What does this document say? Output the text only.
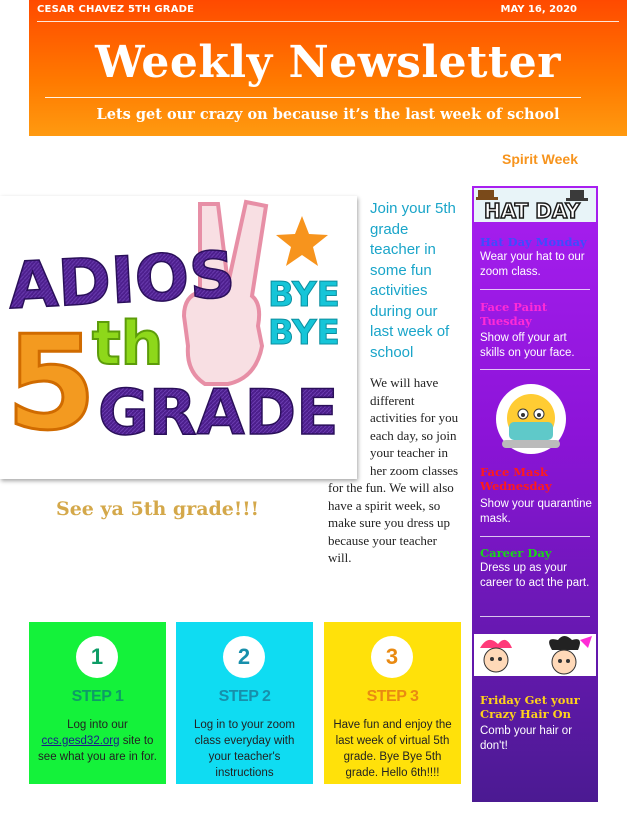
CESAR CHAVEZ 5TH GRADE	MAY 16, 2020
Weekly Newsletter
Lets get our crazy on because it’s the last week of school
Spirit Week
ADIOS
5
th
GRADE
BYE
BYE
See ya 5th grade!!!
Join your 5th grade teacher in some fun activities during our last week of school
We will have different activities for you each day, so join your teacher in her zoom classes
for the fun. We will also have a spirit week, so make sure you dress up because your teacher will.
HAT DAY
Hat Day Monday
Wear your hat to our zoom class.
Face Paint Tuesday
Show off your art skills on your face.
Face Mask Wednesday
Show your quarantine mask.
Career Day
Dress up as your career to act the part.
Friday Get your Crazy Hair On
Comb your hair or don't!
1
STEP 1
Log into our ccs.gesd32.org site to see what you are in for.
2
STEP 2
Log in to your zoom class everyday with your teacher's instructions
3
STEP 3
Have fun and enjoy the last week of virtual 5th grade. Bye Bye 5th grade. Hello 6th!!!!
